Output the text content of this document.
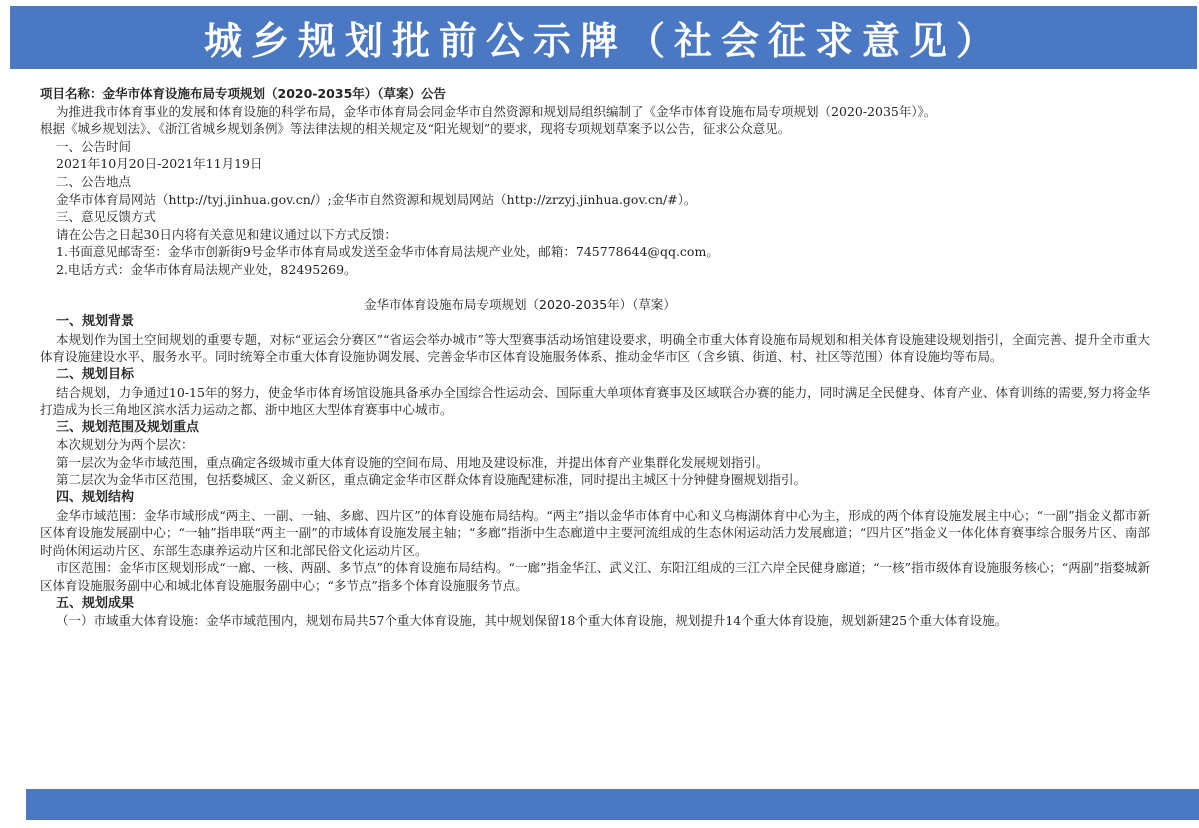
城乡规划批前公示牌（社会征求意见）
项目名称：金华市体育设施布局专项规划（2020-2035年）（草案）公告
为推进我市体育事业的发展和体育设施的科学布局，金华市体育局会同金华市自然资源和规划局组织编制了《金华市体育设施布局专项规划（2020-2035年）》。
根据《城乡规划法》、《浙江省城乡规划条例》等法律法规的相关规定及“阳光规划”的要求，现将专项规划草案予以公告，征求公众意见。
一、公告时间
2021年10月20日-2021年11月19日
二、公告地点
金华市体育局网站（http://tyj.jinhua.gov.cn/）;金华市自然资源和规划局网站（http://zrzyj.jinhua.gov.cn/#）。
三、意见反馈方式
请在公告之日起30日内将有关意见和建议通过以下方式反馈：
1.书面意见邮寄至：金华市创新街9号金华市体育局或发送至金华市体育局法规产业处，邮箱：745778644@qq.com。
2.电话方式：金华市体育局法规产业处，82495269。
金华市体育设施布局专项规划（2020-2035年）（草案）
一、规划背景
本规划作为国土空间规划的重要专题，对标“亚运会分赛区”“省运会举办城市”等大型赛事活动场馆建设要求，明确全市重大体育设施布局规划和相关体育设施建设规划指引，全面完善、提升全市重大体育设施建设水平、服务水平。同时统筹全市重大体育设施协调发展、完善金华市区体育设施服务体系、推动金华市区（含乡镇、街道、村、社区等范围）体育设施均等布局。
二、规划目标
结合规划，力争通过10-15年的努力，使金华市体育场馆设施具备承办全国综合性运动会、国际重大单项体育赛事及区域联合办赛的能力，同时满足全民健身、体育产业、体育训练的需要,努力将金华打造成为长三角地区滨水活力运动之都、浙中地区大型体育赛事中心城市。
三、规划范围及规划重点
本次规划分为两个层次：
第一层次为金华市域范围，重点确定各级城市重大体育设施的空间布局、用地及建设标准，并提出体育产业集群化发展规划指引。
第二层次为金华市区范围，包括婺城区、金义新区，重点确定金华市区群众体育设施配建标准，同时提出主城区十分钟健身圈规划指引。
四、规划结构
金华市域范围：金华市域形成“两主、一副、一轴、多廊、四片区”的体育设施布局结构。“两主”指以金华市体育中心和义乌梅湖体育中心为主，形成的两个体育设施发展主中心；“一副”指金义都市新区体育设施发展副中心；“一轴”指串联“两主一副”的市域体育设施发展主轴；“多廊”指浙中生态廊道中主要河流组成的生态休闲运动活力发展廊道；“四片区”指金义一体化体育赛事综合服务片区、南部时尚休闲运动片区、东部生态康养运动片区和北部民俗文化运动片区。
市区范围：金华市区规划形成“一廊、一核、两副、多节点”的体育设施布局结构。“一廊”指金华江、武义江、东阳江组成的三江六岸全民健身廊道；“一核”指市级体育设施服务核心；“两副”指婺城新区体育设施服务副中心和城北体育设施服务副中心；“多节点”指多个体育设施服务节点。
五、规划成果
（一）市域重大体育设施：金华市域范围内，规划布局共57个重大体育设施，其中规划保留18个重大体育设施，规划提升14个重大体育设施，规划新建25个重大体育设施。
